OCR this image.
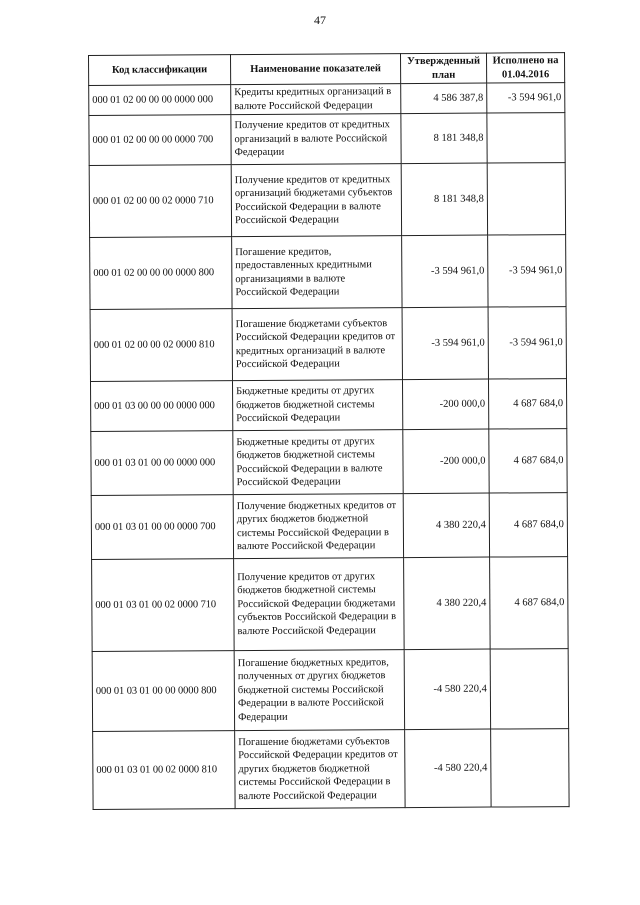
47
Код классификации	Наименование показателей	Утвержденный план	Исполнено на 01.04.2016
000 01 02 00 00 00 0000 000	Кредиты кредитных организаций в валюте Российской Федерации	4 586 387,8	-3 594 961,0
000 01 02 00 00 00 0000 700	Получение кредитов от кредитных организаций в валюте Российской Федерации	8 181 348,8	
000 01 02 00 00 02 0000 710	Получение кредитов от кредитных организаций бюджетами субъектов Российской Федерации в валюте Российской Федерации	8 181 348,8	
000 01 02 00 00 00 0000 800	Погашение кредитов, предоставленных кредитными организациями в валюте Российской Федерации	-3 594 961,0	-3 594 961,0
000 01 02 00 00 02 0000 810	Погашение бюджетами субъектов Российской Федерации кредитов от кредитных организаций в валюте Российской Федерации	-3 594 961,0	-3 594 961,0
000 01 03 00 00 00 0000 000	Бюджетные кредиты от других бюджетов бюджетной системы Российской Федерации	-200 000,0	4 687 684,0
000 01 03 01 00 00 0000 000	Бюджетные кредиты от других бюджетов бюджетной системы Российской Федерации в валюте Российской Федерации	-200 000,0	4 687 684,0
000 01 03 01 00 00 0000 700	Получение бюджетных кредитов от других бюджетов бюджетной системы Российской Федерации в валюте Российской Федерации	4 380 220,4	4 687 684,0
000 01 03 01 00 02 0000 710	Получение кредитов от других бюджетов бюджетной системы Российской Федерации бюджетами субъектов Российской Федерации в валюте Российской Федерации	4 380 220,4	4 687 684,0
000 01 03 01 00 00 0000 800	Погашение бюджетных кредитов, полученных от других бюджетов бюджетной системы Российской Федерации в валюте Российской Федерации	-4 580 220,4	
000 01 03 01 00 02 0000 810	Погашение бюджетами субъектов Российской Федерации кредитов от других бюджетов бюджетной системы Российской Федерации в валюте Российской Федерации	-4 580 220,4	
